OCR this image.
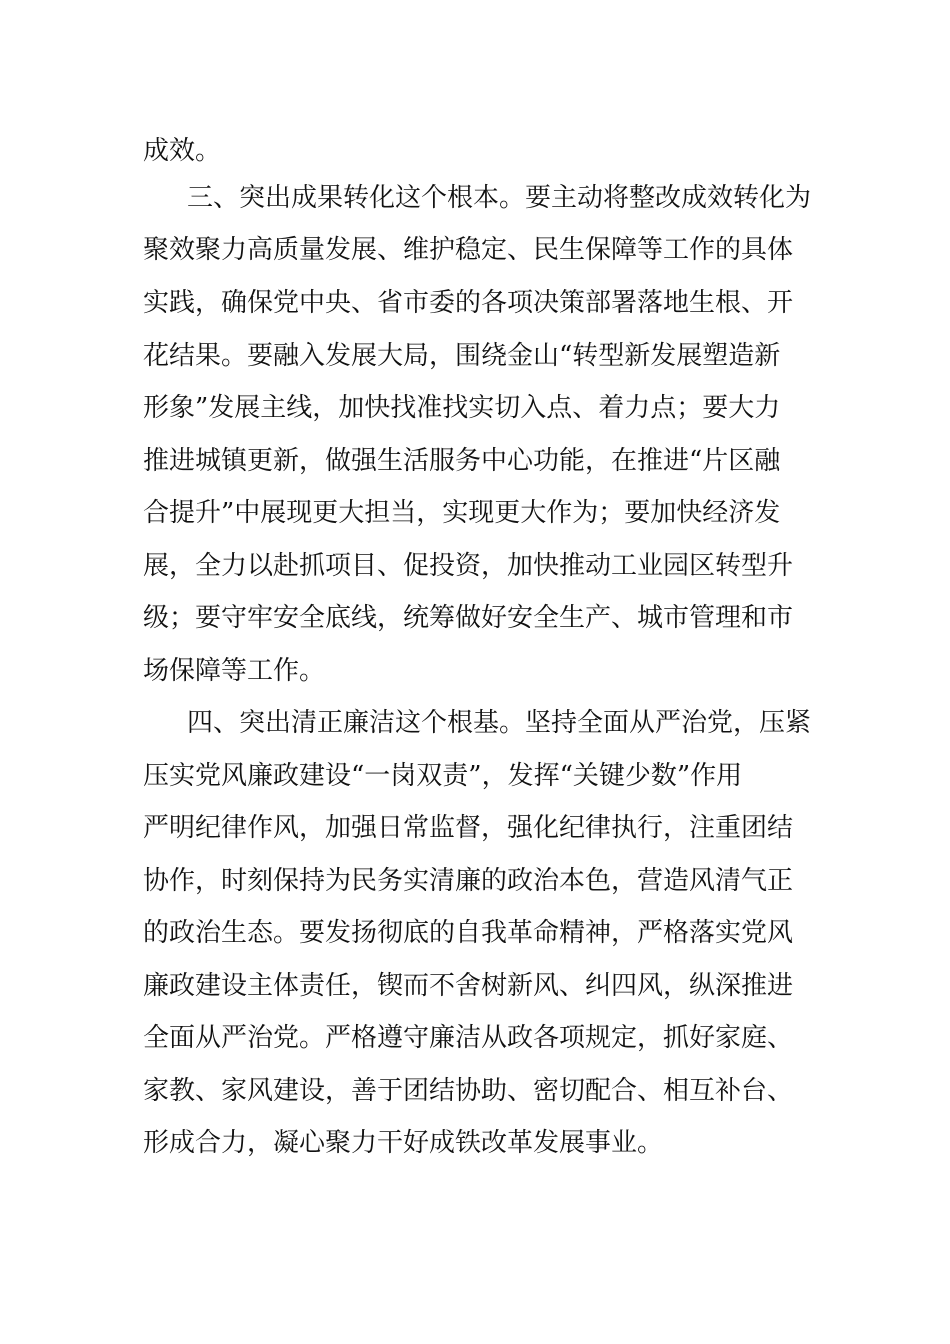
成效。

三、突出成果转化这个根本。要主动将整改成效转化为

聚效聚力高质量发展、维护稳定、民生保障等工作的具体

实践，确保党中央、省市委的各项决策部署落地生根、开

花结果。要融入发展大局，围绕金山“转型新发展塑造新

形象”发展主线，加快找准找实切入点、着力点；要大力

推进城镇更新，做强生活服务中心功能，在推进“片区融

合提升”中展现更大担当，实现更大作为；要加快经济发

展，全力以赴抓项目、促投资，加快推动工业园区转型升

级；要守牢安全底线，统筹做好安全生产、城市管理和市

场保障等工作。

四、突出清正廉洁这个根基。坚持全面从严治党，压紧

压实党风廉政建设“一岗双责”，发挥“关键少数”作用

严明纪律作风，加强日常监督，强化纪律执行，注重团结

协作，时刻保持为民务实清廉的政治本色，营造风清气正

的政治生态。要发扬彻底的自我革命精神，严格落实党风

廉政建设主体责任，锲而不舍树新风、纠四风，纵深推进

全面从严治党。严格遵守廉洁从政各项规定，抓好家庭、

家教、家风建设，善于团结协助、密切配合、相互补台、

形成合力，凝心聚力干好成铁改革发展事业。
